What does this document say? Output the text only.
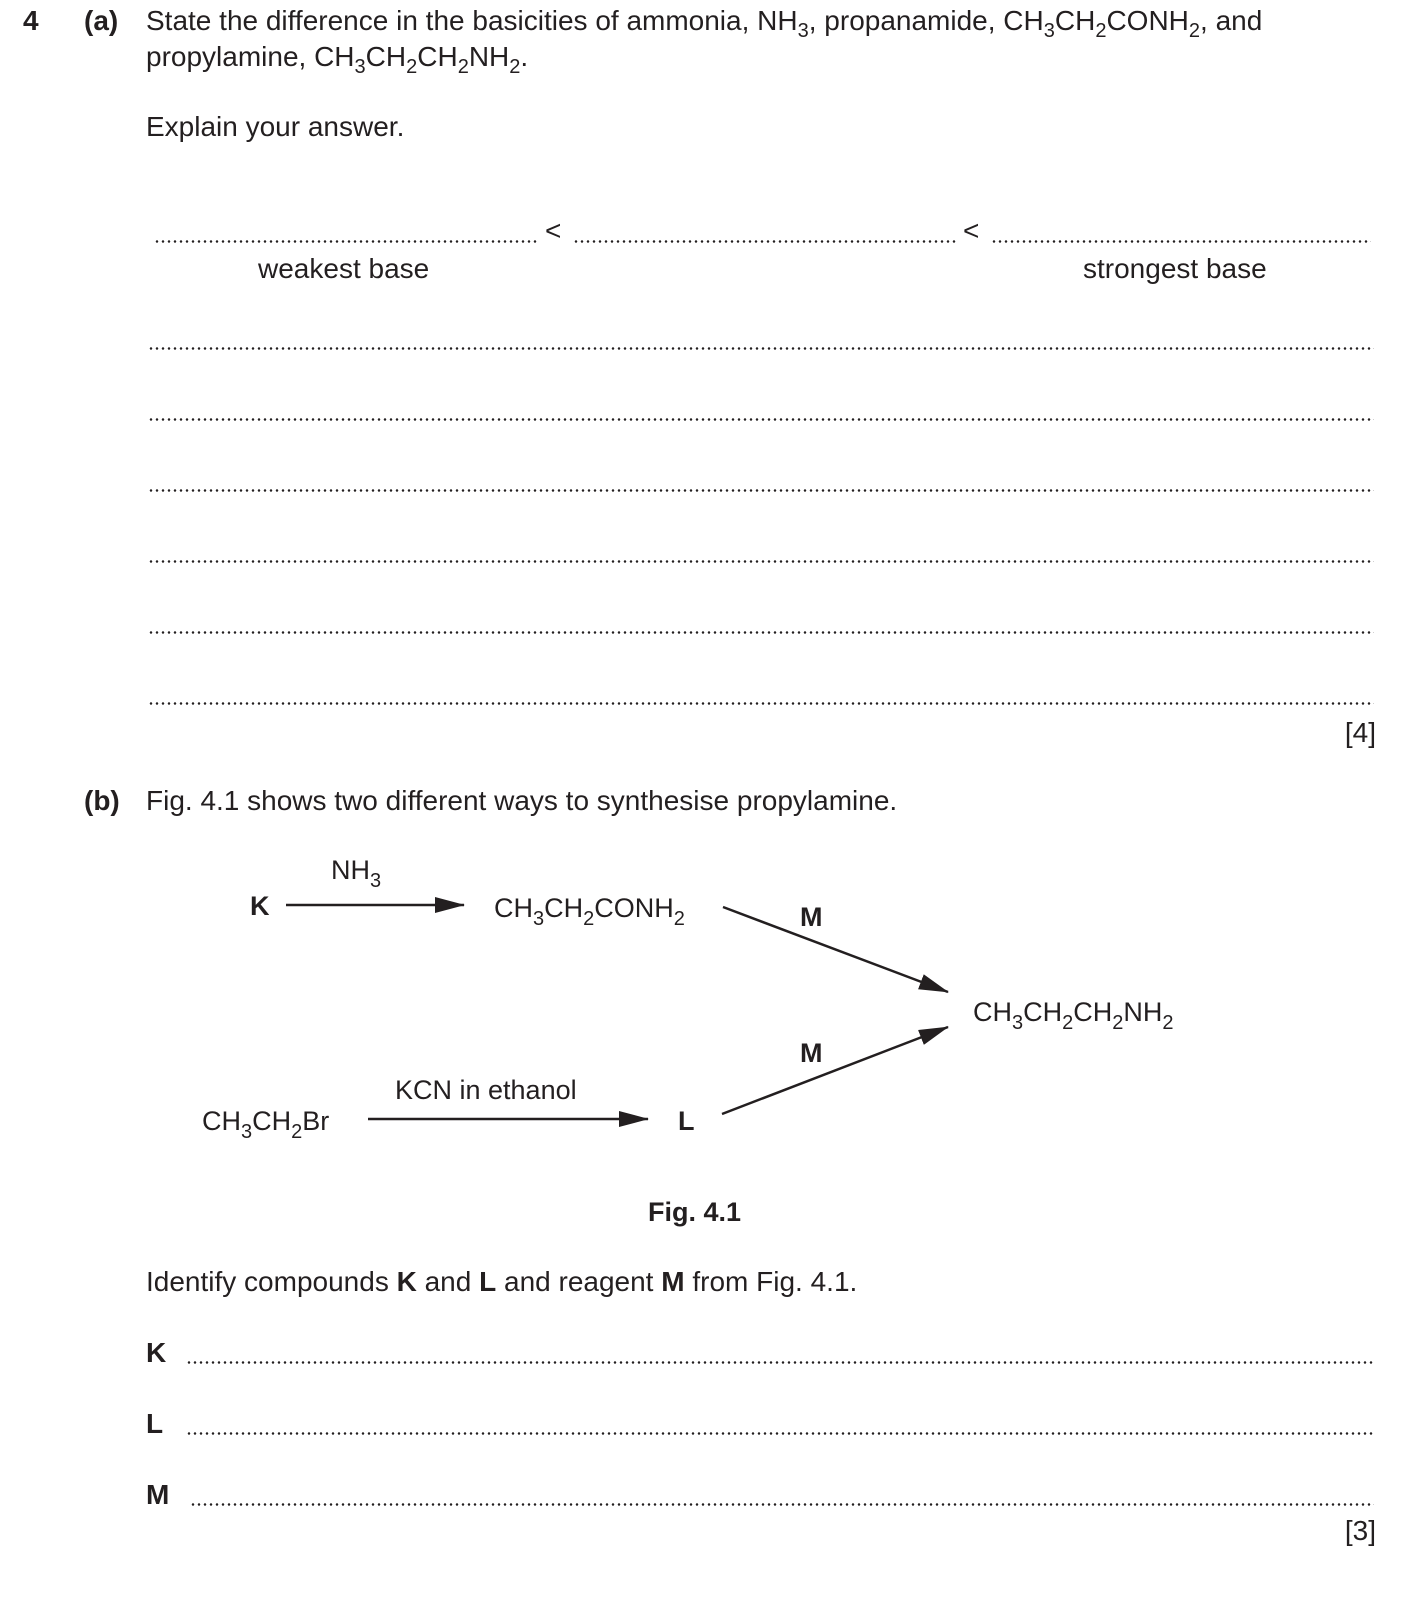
4 (a) State the difference in the basicities of ammonia, $NH_3$, propanamide, $CH_3CH_2CONH_2$, and
propylamine, $CH_3CH_2CH_2NH_2$.
Explain your answer.
<	<
weakest base	strongest base
[4]
(b) Fig. 4.1 shows two different ways to synthesise propylamine.
K
$NH_3$
$CH_3CH_2CONH_2$	M
$CH_3CH_2CH_2NH_2$
M
$CH_3CH_2Br$
KCN in ethanol
L
Fig. 4.1
Identify compounds K and L and reagent M from Fig. 4.1.
K
L
M
[3]
